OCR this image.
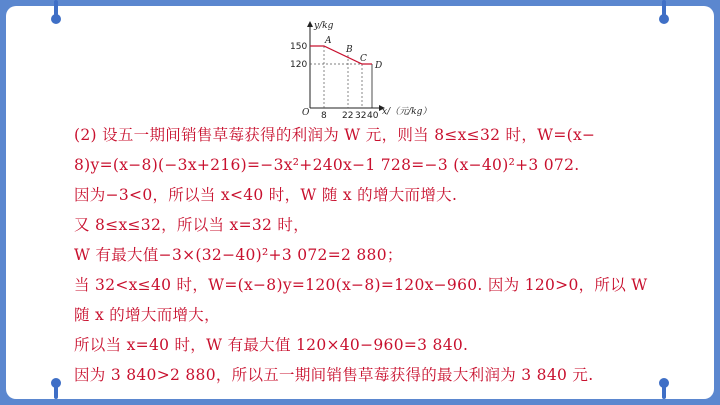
y/kg
x/（元/kg）
O
150
120
8 22 32 40
A
B
C
D
(2) 设五一期间销售草莓获得的利润为 W 元，则当 8≤x≤32 时，W=(x−
8)y=(x−8)(−3x+216)=−3x²+240x−1 728=−3 (x−40)²+3 072.
因为−3<0，所以当 x<40 时，W 随 x 的增大而增大.
又 8≤x≤32，所以当 x=32 时，
W 有最大值−3×(32−40)²+3 072=2 880；
当 32<x≤40 时，W=(x−8)y=120(x−8)=120x−960. 因为 120>0，所以 W
随 x 的增大而增大，
所以当 x=40 时，W 有最大值 120×40−960=3 840.
因为 3 840>2 880，所以五一期间销售草莓获得的最大利润为 3 840 元.
